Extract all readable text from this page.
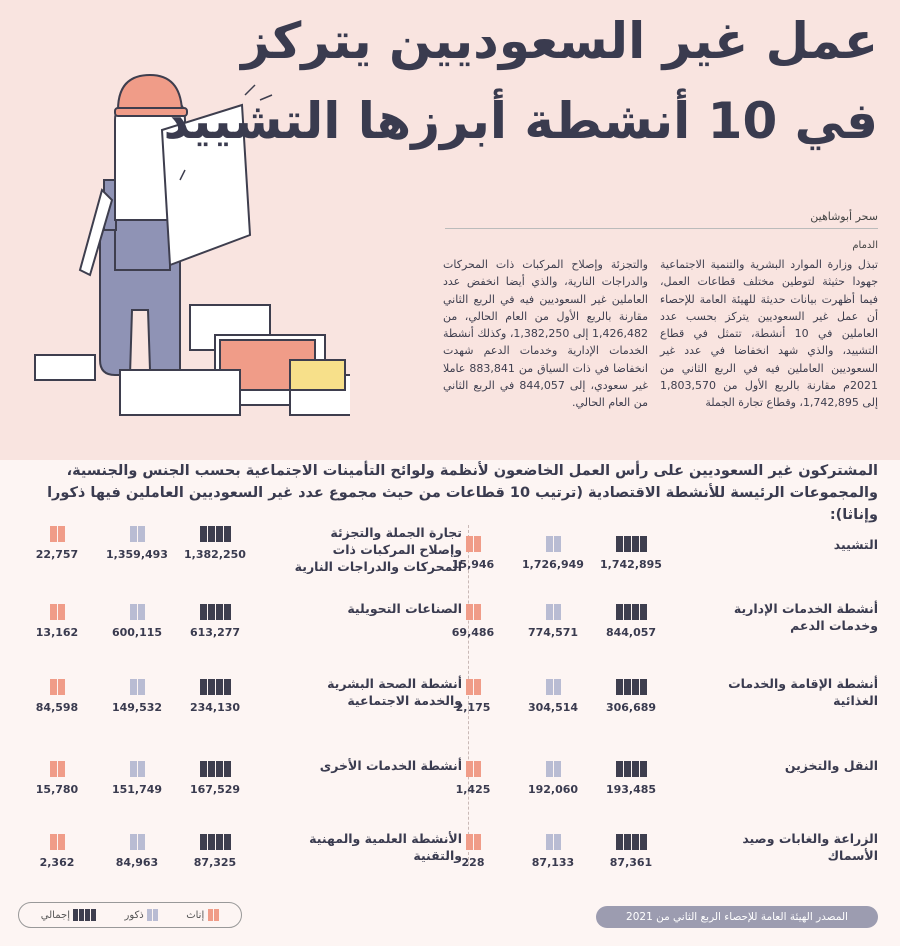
عمل غير السعوديين يتركز
في 10 أنشطة أبرزها التشييد
سحر أبوشاهين
الدمام
تبذل وزارة الموارد البشرية والتنمية الاجتماعية جهودا حثيثة لتوطين مختلف قطاعات العمل، فيما أظهرت بيانات حديثة للهيئة العامة للإحصاء أن عمل غير السعوديين يتركز بحسب عدد العاملين في 10 أنشطة، تتمثل في قطاع التشييد، والذي شهد انخفاضا في عدد غير السعوديين العاملين فيه في الربع الثاني من 2021م مقارنة بالربع الأول من 1,803,570 إلى 1,742,895، وقطاع تجارة الجملة
والتجزئة وإصلاح المركبات ذات المحركات والدراجات النارية، والذي أيضا انخفض عدد العاملين غير السعوديين فيه في الربع الثاني مقارنة بالربع الأول من العام الحالي، من 1,426,482 إلى 1,382,250، وكذلك أنشطة الخدمات الإدارية وخدمات الدعم شهدت انخفاضا في ذات السياق من 883,841 عاملا غير سعودي، إلى 844,057 في الربع الثاني من العام الحالي.
المشتركون غير السعوديين على رأس العمل الخاضعون لأنظمة ولوائح التأمينات الاجتماعية بحسب الجنس والجنسية، والمجموعات الرئيسة للأنشطة الاقتصادية (ترتيب 10 قطاعات من حيث مجموع عدد غير السعوديين العاملين فيها ذكورا وإناثا):
التشييد
1,742,895
1,726,949
15,946
أنشطة الخدمات الإدارية وخدمات الدعم
844,057
774,571
69,486
أنشطة الإقامة والخدمات الغذائية
306,689
304,514
2,175
النقل والتخزين
193,485
192,060
1,425
الزراعة والغابات وصيد الأسماك
87,361
87,133
228
تجارة الجملة والتجزئة وإصلاح المركبات ذات المحركات والدراجات النارية
1,382,250
1,359,493
22,757
الصناعات التحويلية
613,277
600,115
13,162
أنشطة الصحة البشرية والخدمة الاجتماعية
234,130
149,532
84,598
أنشطة الخدمات الأخرى
167,529
151,749
15,780
الأنشطة العلمية والمهنية والتقنية
87,325
84,963
2,362
المصدر الهيئة العامة للإحصاء الربع الثاني من 2021
إجمالي	ذكور	إناث
